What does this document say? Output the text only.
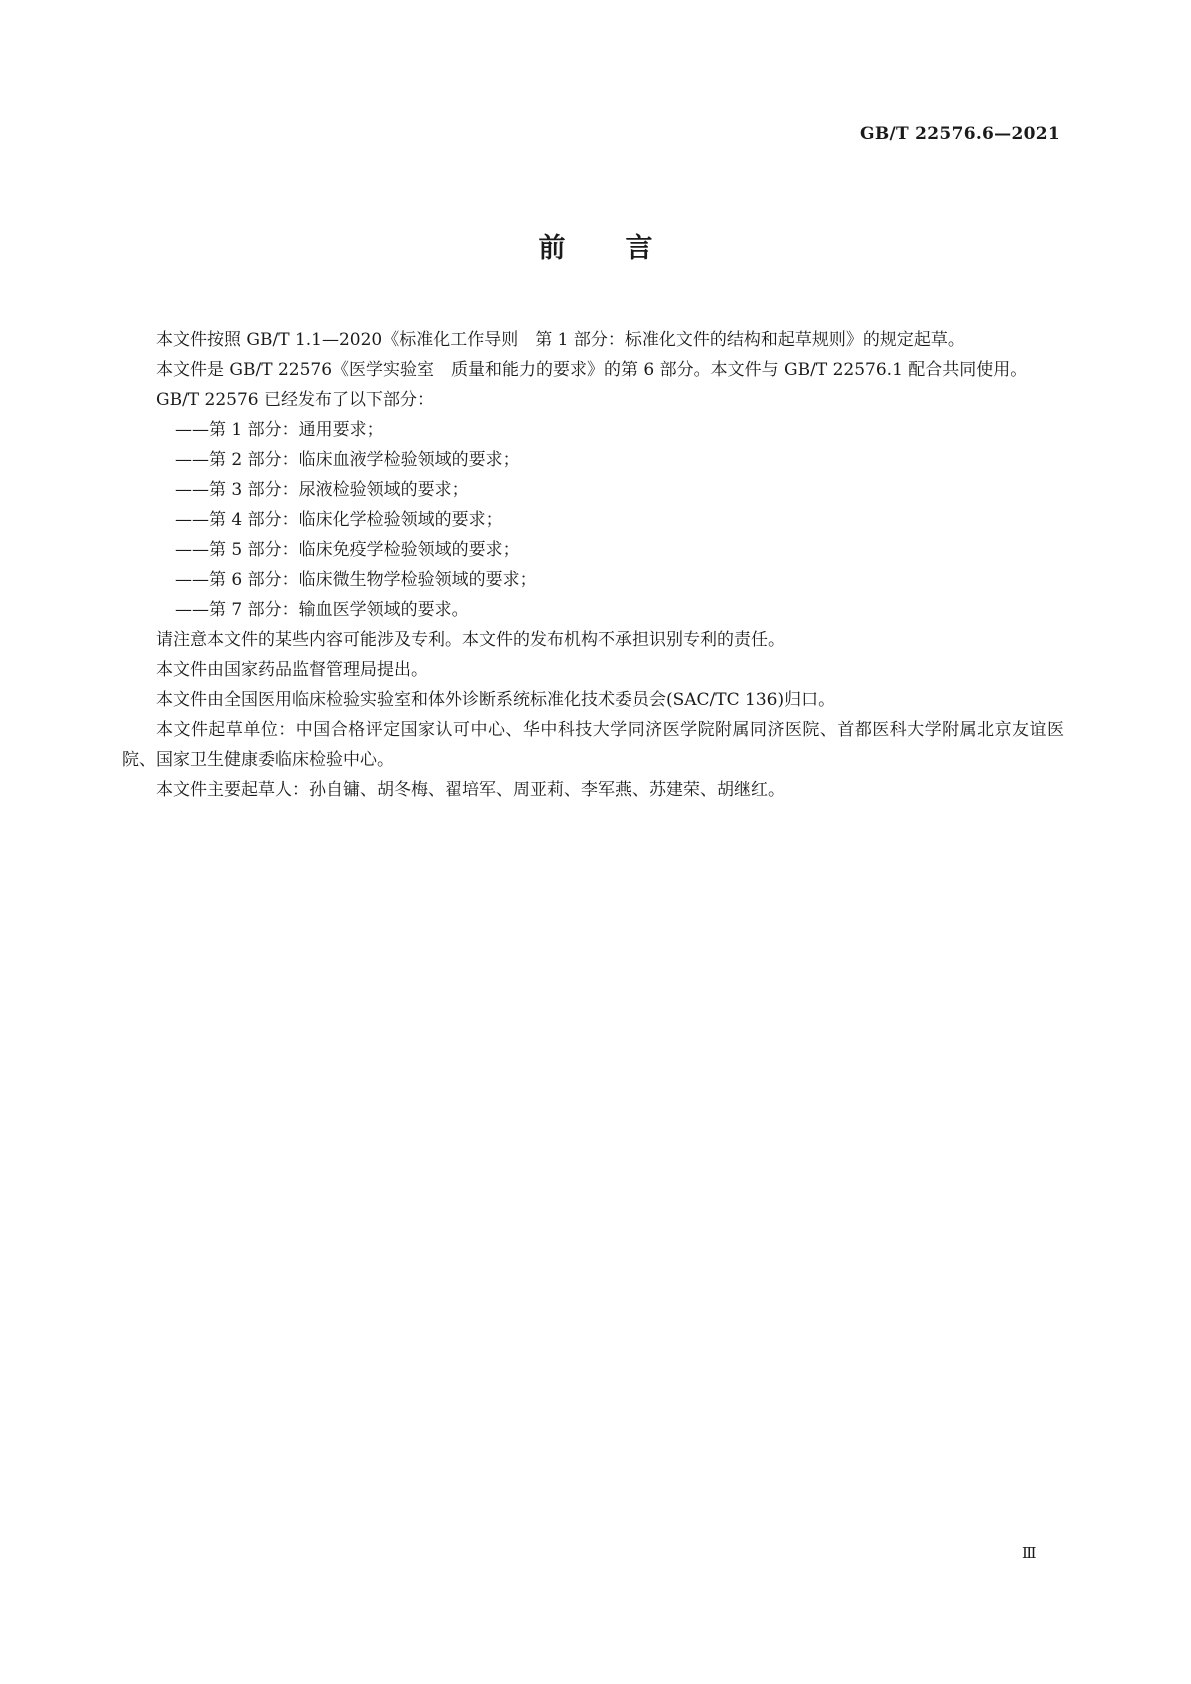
GB/T 22576.6—2021
前 言

本文件按照 GB/T 1.1—2020《标准化工作导则　第 1 部分：标准化文件的结构和起草规则》的规定起草。

本文件是 GB/T 22576《医学实验室　质量和能力的要求》的第 6 部分。本文件与 GB/T 22576.1 配合共同使用。

GB/T 22576 已经发布了以下部分：

——第 1 部分：通用要求；
——第 2 部分：临床血液学检验领域的要求；
——第 3 部分：尿液检验领域的要求；
——第 4 部分：临床化学检验领域的要求；
——第 5 部分：临床免疫学检验领域的要求；
——第 6 部分：临床微生物学检验领域的要求；
——第 7 部分：输血医学领域的要求。

请注意本文件的某些内容可能涉及专利。本文件的发布机构不承担识别专利的责任。

本文件由国家药品监督管理局提出。

本文件由全国医用临床检验实验室和体外诊断系统标准化技术委员会(SAC/TC 136)归口。

本文件起草单位：中国合格评定国家认可中心、华中科技大学同济医学院附属同济医院、首都医科大学附属北京友谊医院、国家卫生健康委临床检验中心。

本文件主要起草人：孙自镛、胡冬梅、翟培军、周亚莉、李军燕、苏建荣、胡继红。

Ⅲ
